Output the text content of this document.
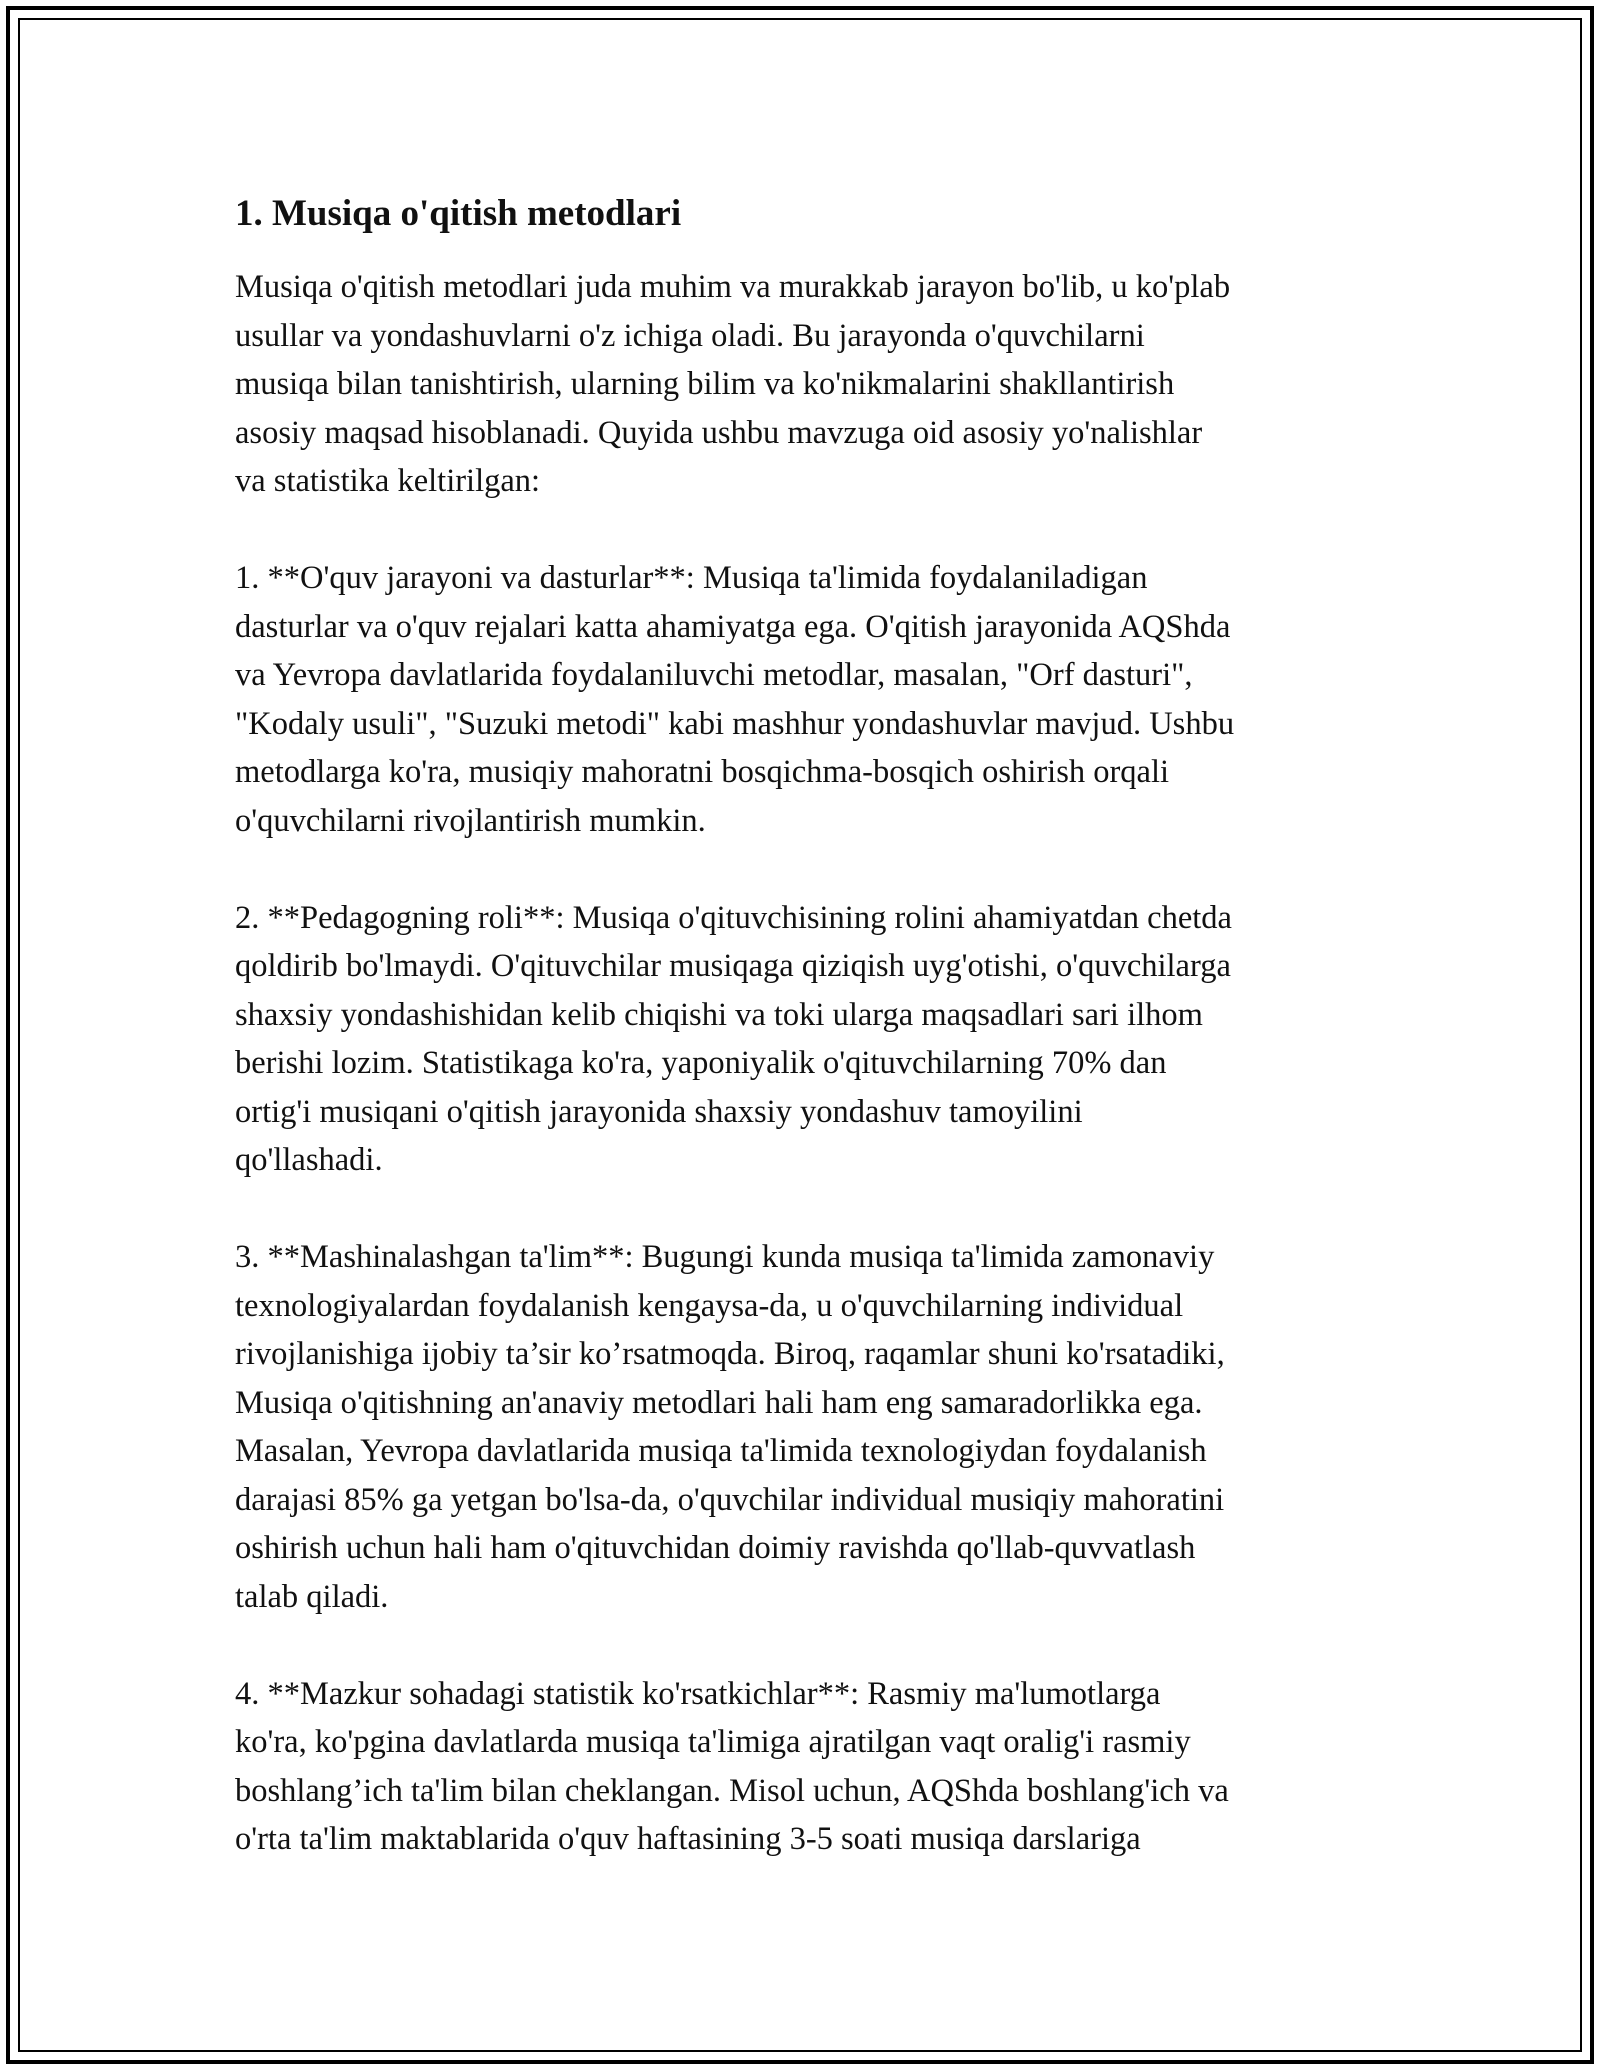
1. Musiqa o'qitish metodlari
Musiqa o'qitish metodlari juda muhim va murakkab jarayon bo'lib, u ko'plab
usullar va yondashuvlarni o'z ichiga oladi. Bu jarayonda o'quvchilarni
musiqa bilan tanishtirish, ularning bilim va ko'nikmalarini shakllantirish
asosiy maqsad hisoblanadi. Quyida ushbu mavzuga oid asosiy yo'nalishlar
va statistika keltirilgan:
1. **O'quv jarayoni va dasturlar**: Musiqa ta'limida foydalaniladigan
dasturlar va o'quv rejalari katta ahamiyatga ega. O'qitish jarayonida AQShda
va Yevropa davlatlarida foydalaniluvchi metodlar, masalan, "Orf dasturi",
"Kodaly usuli", "Suzuki metodi" kabi mashhur yondashuvlar mavjud. Ushbu
metodlarga ko'ra, musiqiy mahoratni bosqichma-bosqich oshirish orqali
o'quvchilarni rivojlantirish mumkin.
2. **Pedagogning roli**: Musiqa o'qituvchisining rolini ahamiyatdan chetda
qoldirib bo'lmaydi. O'qituvchilar musiqaga qiziqish uyg'otishi, o'quvchilarga
shaxsiy yondashishidan kelib chiqishi va toki ularga maqsadlari sari ilhom
berishi lozim. Statistikaga ko'ra, yaponiyalik o'qituvchilarning 70% dan
ortig'i musiqani o'qitish jarayonida shaxsiy yondashuv tamoyilini
qo'llashadi.
3. **Mashinalashgan ta'lim**: Bugungi kunda musiqa ta'limida zamonaviy
texnologiyalardan foydalanish kengaysa-da, u o'quvchilarning individual
rivojlanishiga ijobiy ta’sir ko’rsatmoqda. Biroq, raqamlar shuni ko'rsatadiki,
Musiqa o'qitishning an'anaviy metodlari hali ham eng samaradorlikka ega.
Masalan, Yevropa davlatlarida musiqa ta'limida texnologiydan foydalanish
darajasi 85% ga yetgan bo'lsa-da, o'quvchilar individual musiqiy mahoratini
oshirish uchun hali ham o'qituvchidan doimiy ravishda qo'llab-quvvatlash
talab qiladi.
4. **Mazkur sohadagi statistik ko'rsatkichlar**: Rasmiy ma'lumotlarga
ko'ra, ko'pgina davlatlarda musiqa ta'limiga ajratilgan vaqt oralig'i rasmiy
boshlang’ich ta'lim bilan cheklangan. Misol uchun, AQShda boshlang'ich va
o'rta ta'lim maktablarida o'quv haftasining 3-5 soati musiqa darslariga
